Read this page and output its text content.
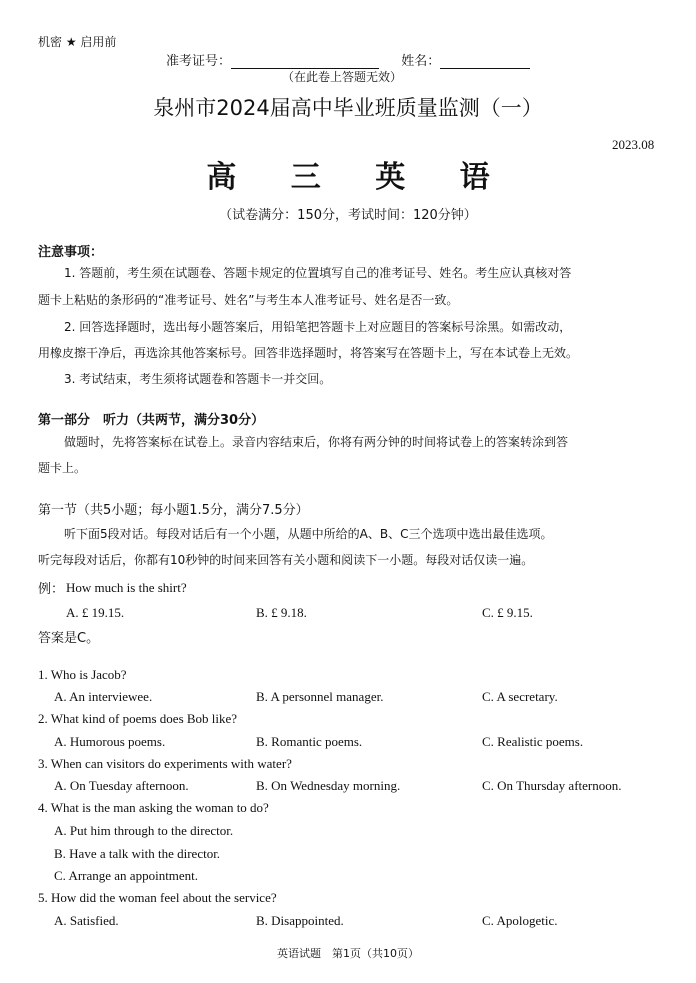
机密 ★ 启用前
准考证号：	姓名：
（在此卷上答题无效）
泉州市2024届高中毕业班质量监测（一）
2023.08
高 三 英 语
（试卷满分：150分，考试时间：120分钟）
注意事项：
1. 答题前，考生须在试题卷、答题卡规定的位置填写自己的准考证号、姓名。考生应认真核对答
题卡上粘贴的条形码的“准考证号、姓名”与考生本人准考证号、姓名是否一致。
2. 回答选择题时，选出每小题答案后，用铅笔把答题卡上对应题目的答案标号涂黑。如需改动，
用橡皮擦干净后，再选涂其他答案标号。回答非选择题时，将答案写在答题卡上，写在本试卷上无效。
3. 考试结束，考生须将试题卷和答题卡一并交回。
第一部分　听力（共两节，满分30分）
做题时，先将答案标在试卷上。录音内容结束后，你将有两分钟的时间将试卷上的答案转涂到答
题卡上。
第一节（共5小题；每小题1.5分，满分7.5分）
听下面5段对话。每段对话后有一个小题，从题中所给的A、B、C三个选项中选出最佳选项。
听完每段对话后，你都有10秒钟的时间来回答有关小题和阅读下一小题。每段对话仅读一遍。
例： How much is the shirt?
A. £ 19.15.	B. £ 9.18.	C. £ 9.15.
答案是C。
1. Who is Jacob?
A. An interviewee.	B. A personnel manager.	C. A secretary.
2. What kind of poems does Bob like?
A. Humorous poems.	B. Romantic poems.	C. Realistic poems.
3. When can visitors do experiments with water?
A. On Tuesday afternoon.	B. On Wednesday morning.	C. On Thursday afternoon.
4. What is the man asking the woman to do?
A. Put him through to the director.
B. Have a talk with the director.
C. Arrange an appointment.
5. How did the woman feel about the service?
A. Satisfied.	B. Disappointed.	C. Apologetic.
英语试题　第1页（共10页）
